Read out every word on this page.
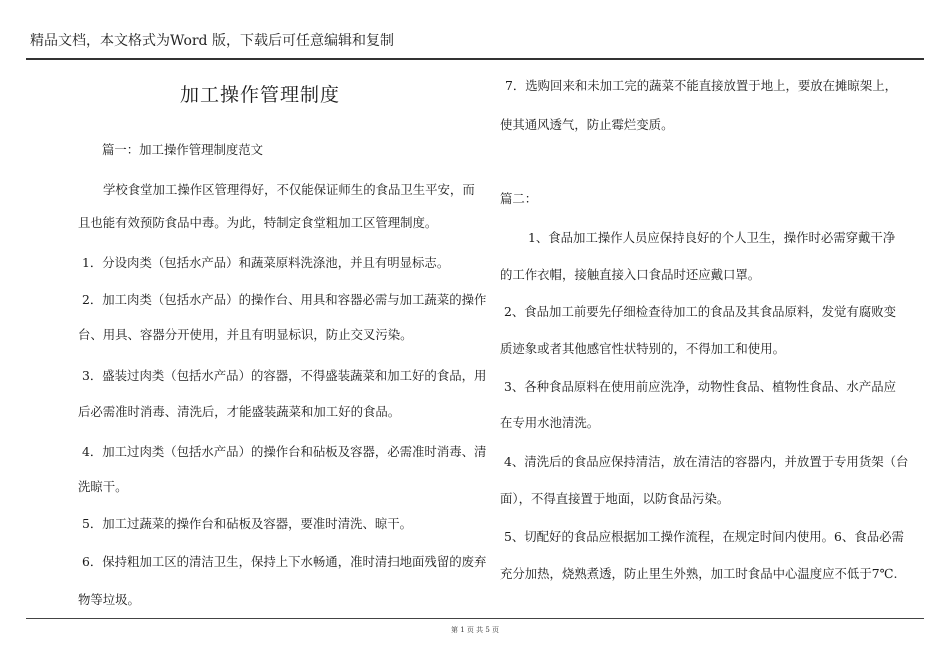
精品文档，本文格式为Word 版，下载后可任意编辑和复制
加工操作管理制度

篇一：加工操作管理制度范文

学校食堂加工操作区管理得好，不仅能保证师生的食品卫生平安，而

且也能有效预防食品中毒。为此，特制定食堂粗加工区管理制度。

1．分设肉类（包括水产品）和蔬菜原料洗涤池，并且有明显标志。

2．加工肉类（包括水产品）的操作台、用具和容器必需与加工蔬菜的操作

台、用具、容器分开使用，并且有明显标识，防止交叉污染。

3．盛装过肉类（包括水产品）的容器，不得盛装蔬菜和加工好的食品，用

后必需准时消毒、清洗后，才能盛装蔬菜和加工好的食品。

4．加工过肉类（包括水产品）的操作台和砧板及容器，必需准时消毒、清

洗晾干。

5．加工过蔬菜的操作台和砧板及容器，要准时清洗、晾干。

6．保持粗加工区的清洁卫生，保持上下水畅通，准时清扫地面残留的废弃

物等垃圾。

7．选购回来和未加工完的蔬菜不能直接放置于地上，要放在摊晾架上，

使其通风透气，防止霉烂变质。

篇二：

1、食品加工操作人员应保持良好的个人卫生，操作时必需穿戴干净

的工作衣帽，接触直接入口食品时还应戴口罩。

2、食品加工前要先仔细检查待加工的食品及其食品原料，发觉有腐败变

质迹象或者其他感官性状特别的，不得加工和使用。

3、各种食品原料在使用前应洗净，动物性食品、植物性食品、水产品应

在专用水池清洗。

4、清洗后的食品应保持清洁，放在清洁的容器内，并放置于专用货架（台

面），不得直接置于地面，以防食品污染。

5、切配好的食品应根据加工操作流程，在规定时间内使用。6、食品必需

充分加热，烧熟煮透，防止里生外熟，加工时食品中心温度应不低于7℃.

第 1 页 共 5 页
